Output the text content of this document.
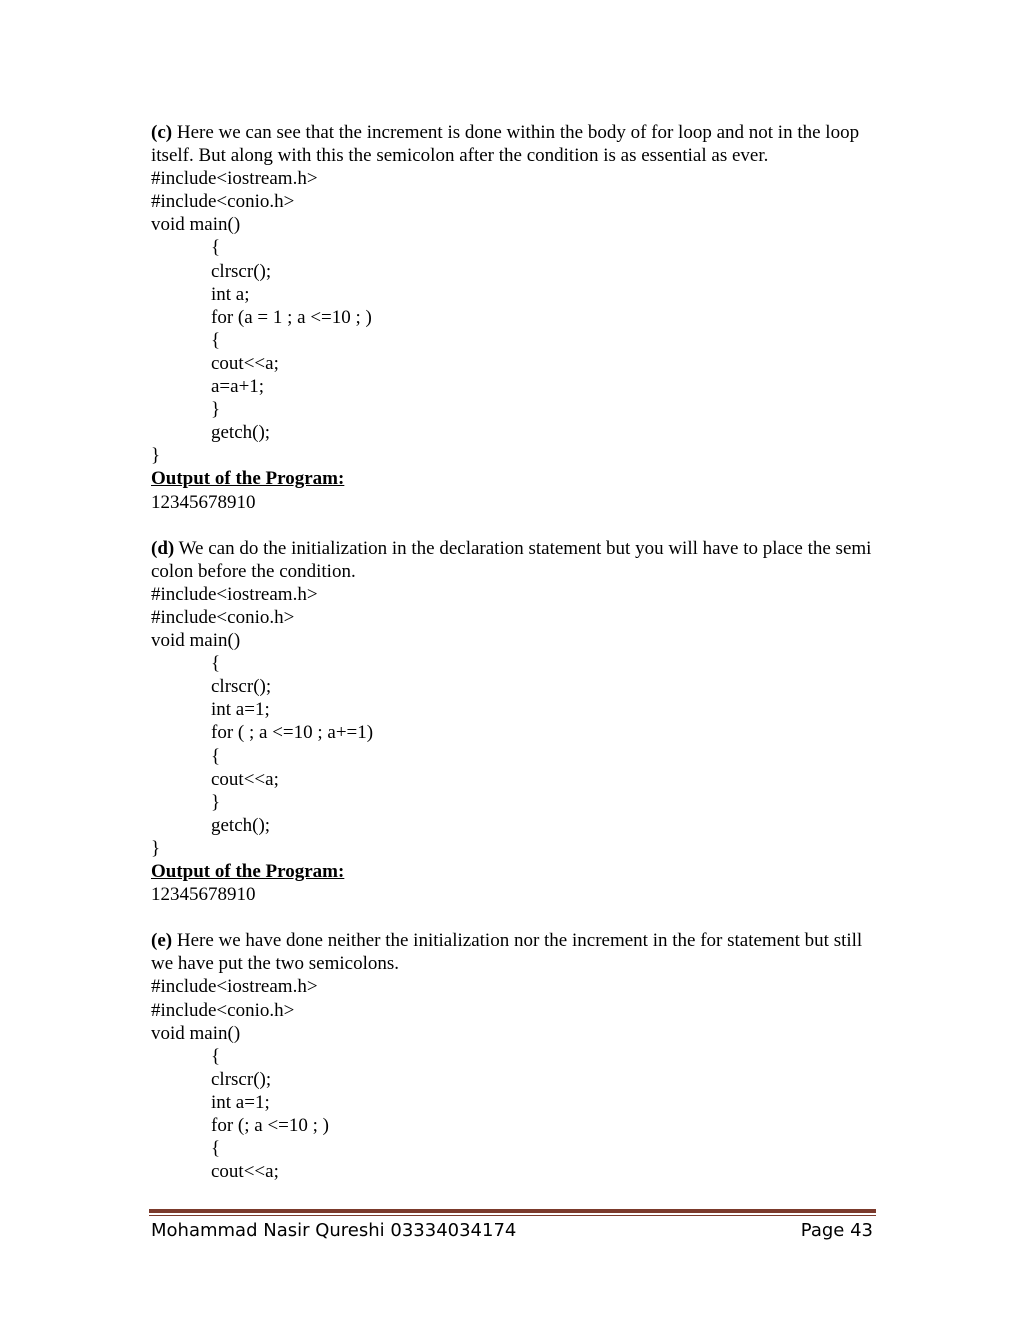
(c) Here we can see that the increment is done within the body of for loop and not in the loop itself. But along with this the semicolon after the condition is as essential as ever.
#include<iostream.h>
#include<conio.h>
void main()
{
clrscr();
int a;
for (a = 1 ; a <=10 ; )
{
cout<<a;
a=a+1;
}
getch();
}
Output of the Program:
12345678910
(d) We can do the initialization in the declaration statement but you will have to place the semi colon before the condition.
#include<iostream.h>
#include<conio.h>
void main()
{
clrscr();
int a=1;
for ( ; a <=10 ; a+=1)
{
cout<<a;
}
getch();
}
Output of the Program:
12345678910
(e) Here we have done neither the initialization nor the increment in the for statement but still we have put the two semicolons.
#include<iostream.h>
#include<conio.h>
void main()
{
clrscr();
int a=1;
for (; a <=10 ; )
{
cout<<a;
Mohammad Nasir Qureshi 03334034174	Page 43
